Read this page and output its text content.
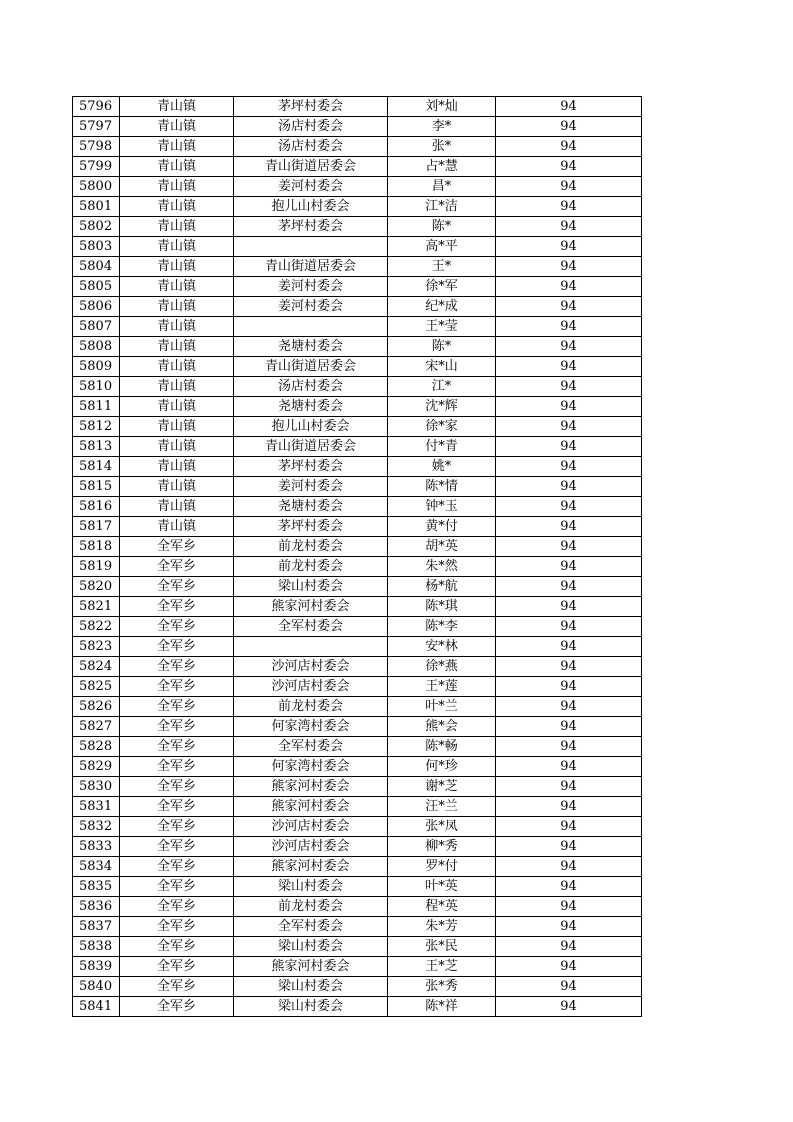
5796	青山镇	茅坪村委会	刘*灿	94
5797	青山镇	汤店村委会	李*	94
5798	青山镇	汤店村委会	张*	94
5799	青山镇	青山街道居委会	占*慧	94
5800	青山镇	姜河村委会	昌*	94
5801	青山镇	抱儿山村委会	江*洁	94
5802	青山镇	茅坪村委会	陈*	94
5803	青山镇		高*平	94
5804	青山镇	青山街道居委会	王*	94
5805	青山镇	姜河村委会	徐*军	94
5806	青山镇	姜河村委会	纪*成	94
5807	青山镇		王*莹	94
5808	青山镇	尧塘村委会	陈*	94
5809	青山镇	青山街道居委会	宋*山	94
5810	青山镇	汤店村委会	江*	94
5811	青山镇	尧塘村委会	沈*辉	94
5812	青山镇	抱儿山村委会	徐*家	94
5813	青山镇	青山街道居委会	付*青	94
5814	青山镇	茅坪村委会	姚*	94
5815	青山镇	姜河村委会	陈*情	94
5816	青山镇	尧塘村委会	钟*玉	94
5817	青山镇	茅坪村委会	黄*付	94
5818	全军乡	前龙村委会	胡*英	94
5819	全军乡	前龙村委会	朱*然	94
5820	全军乡	梁山村委会	杨*航	94
5821	全军乡	熊家河村委会	陈*琪	94
5822	全军乡	全军村委会	陈*李	94
5823	全军乡		安*林	94
5824	全军乡	沙河店村委会	徐*燕	94
5825	全军乡	沙河店村委会	王*莲	94
5826	全军乡	前龙村委会	叶*兰	94
5827	全军乡	何家湾村委会	熊*会	94
5828	全军乡	全军村委会	陈*畅	94
5829	全军乡	何家湾村委会	何*珍	94
5830	全军乡	熊家河村委会	谢*芝	94
5831	全军乡	熊家河村委会	汪*兰	94
5832	全军乡	沙河店村委会	张*凤	94
5833	全军乡	沙河店村委会	柳*秀	94
5834	全军乡	熊家河村委会	罗*付	94
5835	全军乡	梁山村委会	叶*英	94
5836	全军乡	前龙村委会	程*英	94
5837	全军乡	全军村委会	朱*芳	94
5838	全军乡	梁山村委会	张*民	94
5839	全军乡	熊家河村委会	王*芝	94
5840	全军乡	梁山村委会	张*秀	94
5841	全军乡	梁山村委会	陈*祥	94
